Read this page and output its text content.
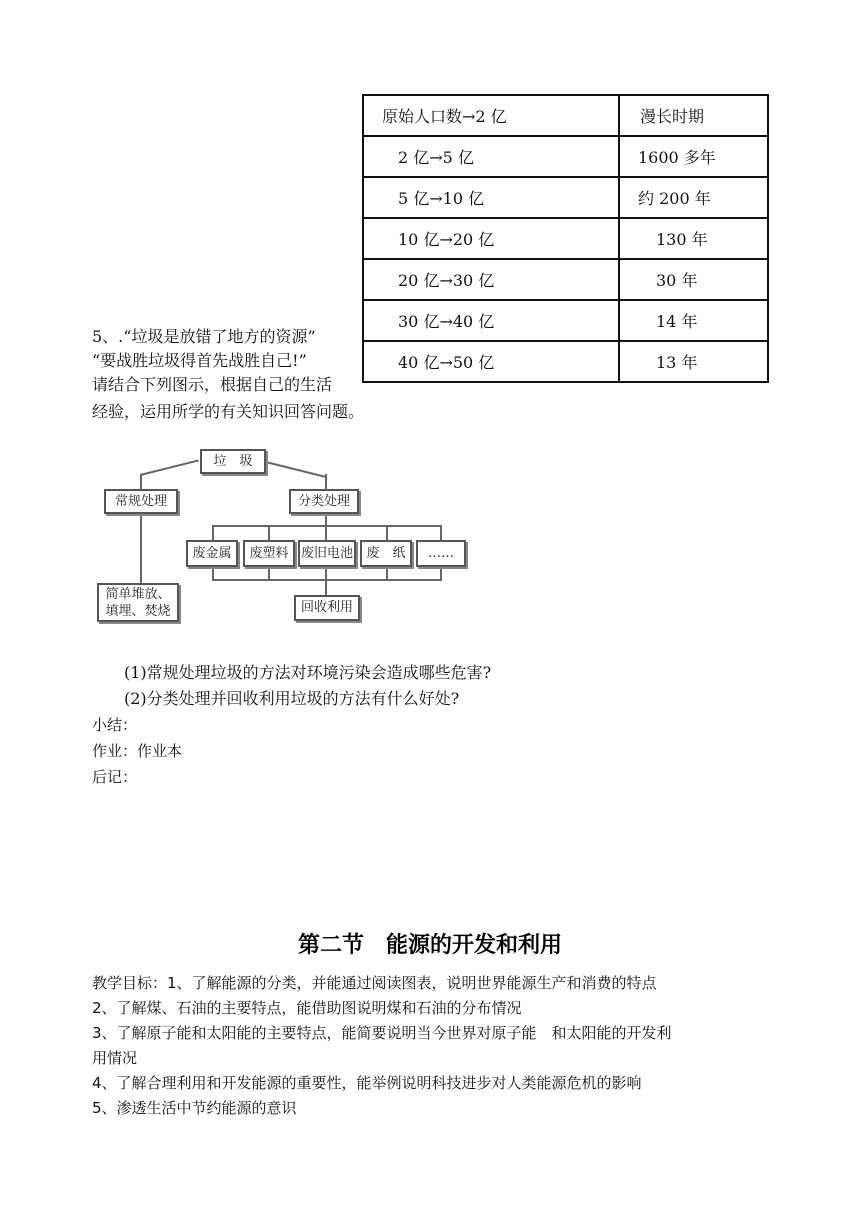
原始人口数→2 亿	漫长时期
2 亿→5 亿	1600 多年
5 亿→10 亿	约 200 年
10 亿→20 亿	130 年
20 亿→30 亿	30 年
30 亿→40 亿	14 年
40 亿→50 亿	13 年
5、.“垃圾是放错了地方的资源”
“要战胜垃圾得首先战胜自己!”
请结合下列图示，根据自己的生活
经验，运用所学的有关知识回答问题。
垃　圾
常规处理	分类处理
废金属	废塑料 废旧电池	废　纸	……
简单堆放、
填埋、焚烧	回收利用
(1)常规处理垃圾的方法对环境污染会造成哪些危害?
(2)分类处理并回收利用垃圾的方法有什么好处?
小结：
作业：作业本
后记：
第二节　能源的开发和利用
教学目标：1、了解能源的分类，并能通过阅读图表，说明世界能源生产和消费的特点
2、了解煤、石油的主要特点，能借助图说明煤和石油的分布情况
3、了解原子能和太阳能的主要特点，能简要说明当今世界对原子能　和太阳能的开发利
用情况
4、了解合理利用和开发能源的重要性，能举例说明科技进步对人类能源危机的影响
5、渗透生活中节约能源的意识
